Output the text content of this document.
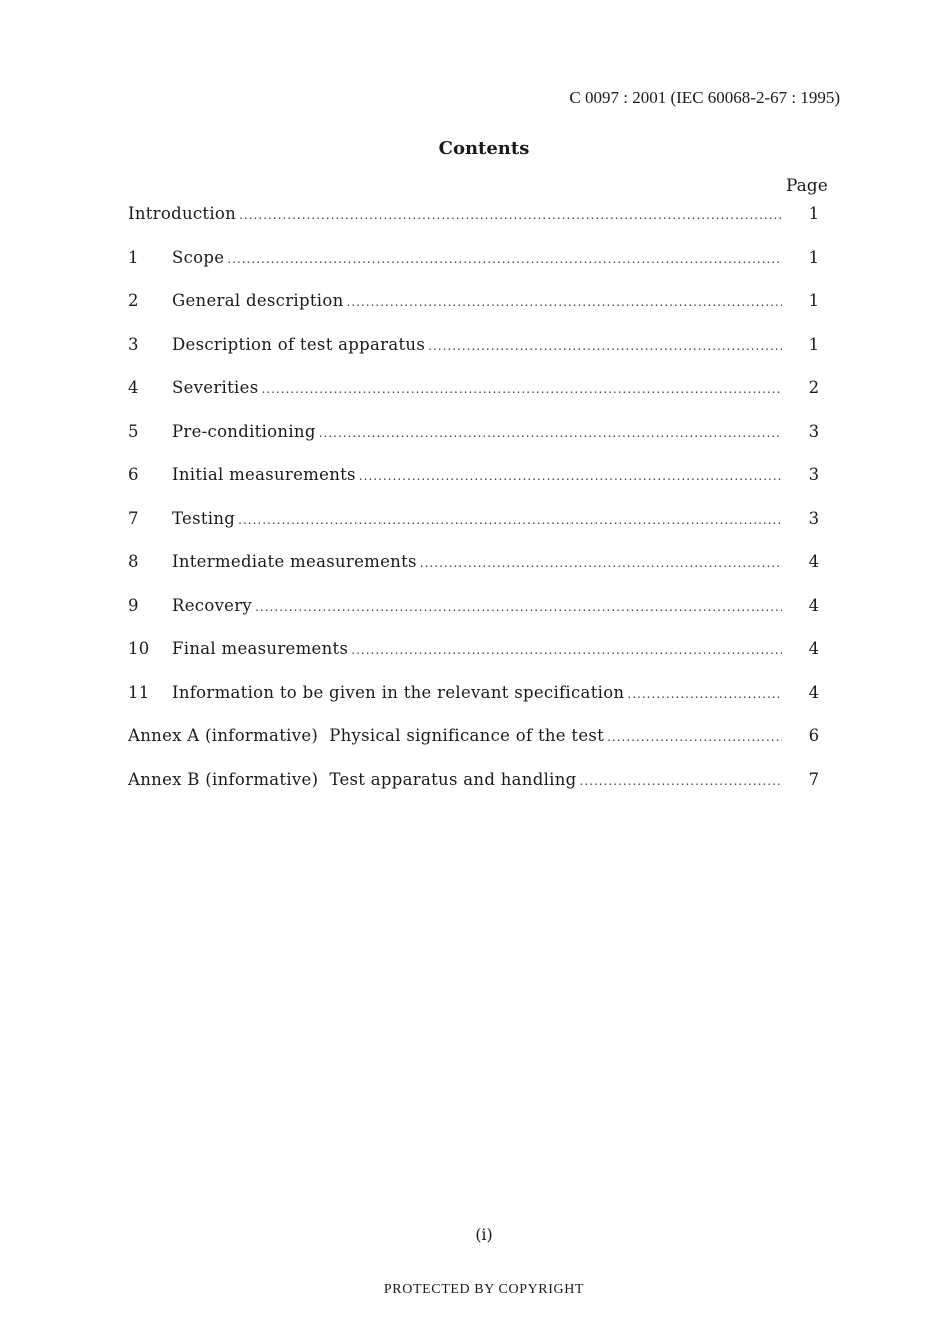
C 0097 : 2001 (IEC 60068-2-67 : 1995)
Contents
Page
Introduction .....	1
1	Scope .....	1
2	General description .....	1
3	Description of test apparatus .....	1
4	Severities .....	2
5	Pre-conditioning .....	3
6	Initial measurements .....	3
7	Testing .....	3
8	Intermediate measurements .....	4
9	Recovery .....	4
10	Final measurements .....	4
11	Information to be given in the relevant specification .....	4
Annex A (informative)  Physical significance of the test .....	6
Annex B (informative)  Test apparatus and handling .....	7
(i)
PROTECTED BY COPYRIGHT
